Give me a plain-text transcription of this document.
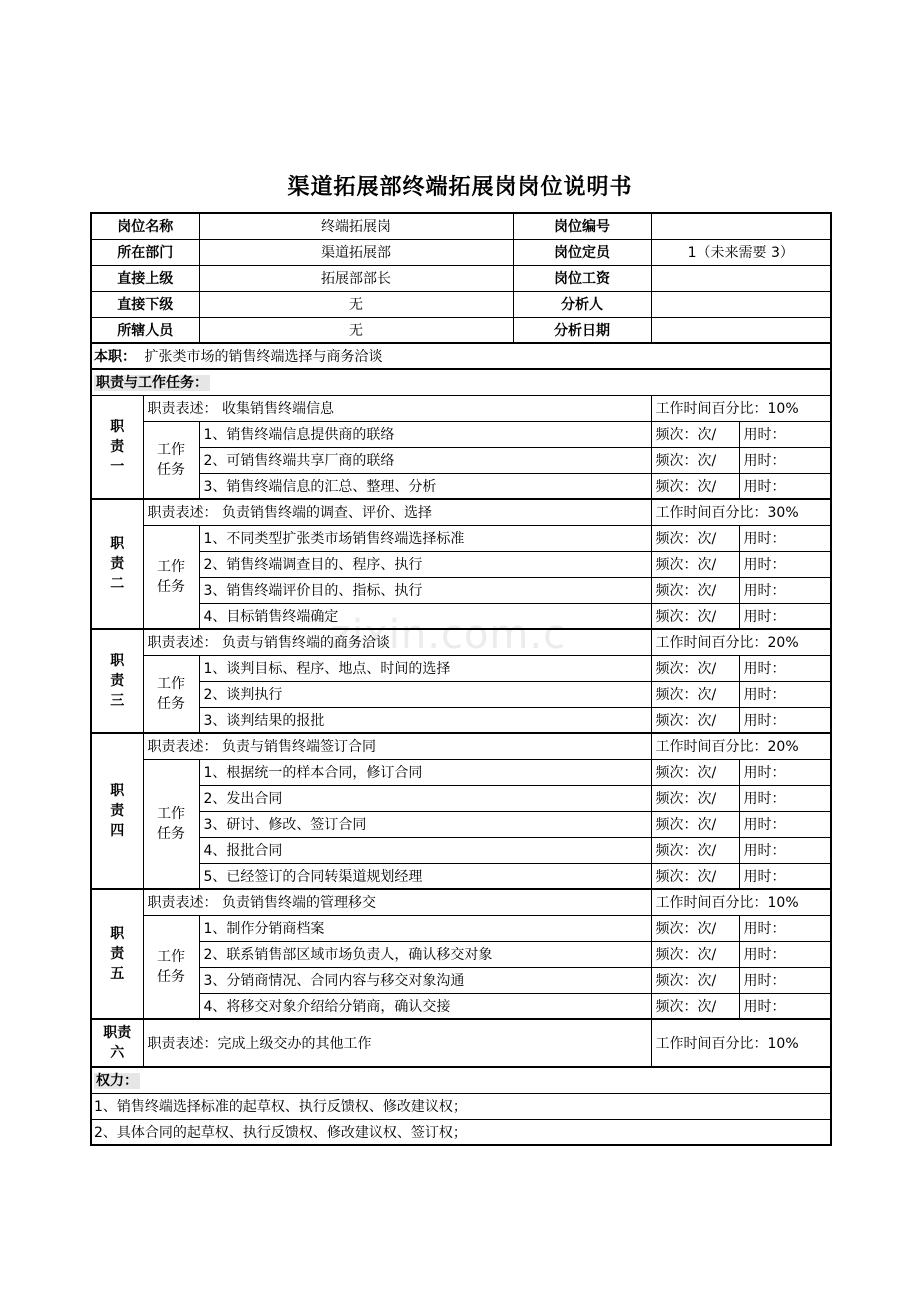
渠道拓展部终端拓展岗岗位说明书
zixin.com.c
岗位名称		终端拓展岗	岗位编号		
所在部门		渠道拓展部	岗位定员	1（未来需要 3）	
直接上级		拓展部部长	岗位工资		
直接下级		无	分析人		
所辖人员		无	分析日期		
本职： 扩张类市场的销售终端选择与商务洽谈					
职责与工作任务：					
职责一	职责表述： 收集销售终端信息			工作时间百分比：10%	
	工作任务	1、销售终端信息提供商的联络		频次：次/	用时：
		2、可销售终端共享厂商的联络		频次：次/	用时：
		3、销售终端信息的汇总、整理、分析		频次：次/	用时：
职责二	职责表述： 负责销售终端的调查、评价、选择			工作时间百分比：30%	
	工作任务	1、不同类型扩张类市场销售终端选择标准		频次：次/	用时：
		2、销售终端调查目的、程序、执行		频次：次/	用时：
		3、销售终端评价目的、指标、执行		频次：次/	用时：
		4、目标销售终端确定		频次：次/	用时：
职责三	职责表述： 负责与销售终端的商务洽谈			工作时间百分比：20%	
	工作任务	1、谈判目标、程序、地点、时间的选择		频次：次/	用时：
		2、谈判执行		频次：次/	用时：
		3、谈判结果的报批		频次：次/	用时：
职责四	职责表述： 负责与销售终端签订合同			工作时间百分比：20%	
	工作任务	1、根据统一的样本合同，修订合同		频次：次/	用时：
		2、发出合同		频次：次/	用时：
		3、研讨、修改、签订合同		频次：次/	用时：
		4、报批合同		频次：次/	用时：
		5、已经签订的合同转渠道规划经理		频次：次/	用时：
职责五	职责表述： 负责销售终端的管理移交			工作时间百分比：10%	
	工作任务	1、制作分销商档案		频次：次/	用时：
		2、联系销售部区域市场负责人，确认移交对象		频次：次/	用时：
		3、分销商情况、合同内容与移交对象沟通		频次：次/	用时：
		4、将移交对象介绍给分销商，确认交接		频次：次/	用时：
职责六	职责表述：完成上级交办的其他工作			工作时间百分比：10%	
权力：					
1、销售终端选择标准的起草权、执行反馈权、修改建议权；					
2、具体合同的起草权、执行反馈权、修改建议权、签订权；					
